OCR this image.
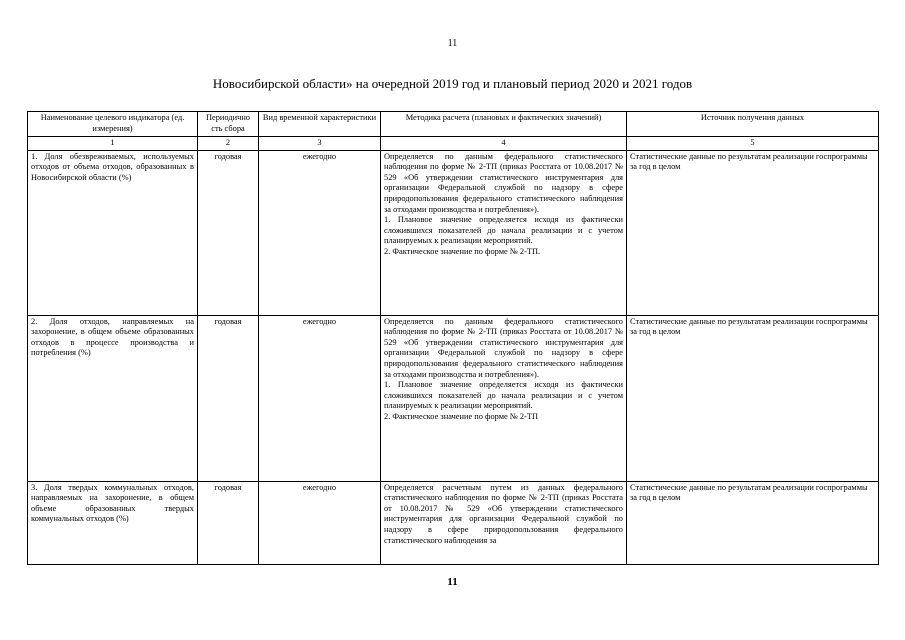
11
Новосибирской области» на очередной 2019 год и плановый период 2020 и 2021 годов
Наименование целевого индикатора (ед. измерения)	Периодично сть сбора	Вид временной характеристики	Методика расчета (плановых и фактических значений)	Источник получения данных
1	2	3	4	5
1. Доля обезвреживаемых, используемых отходов от объема отходов, образованных в Новосибирской области (%)	годовая	ежегодно	Определяется по данным федерального статистического наблюдения по форме № 2-ТП (приказ Росстата от 10.08.2017 № 529 «Об утверждении статистического инструментария для организации Федеральной службой по надзору в сфере природопользования федерального статистического наблюдения за отходами производства и потребления»).

1. Плановое значение определяется исходя из фактически сложившихся показателей до начала реализации и с учетом планируемых к реализации мероприятий.

2. Фактическое значение по форме № 2-ТП.	Статистические данные по результатам реализации госпрограммы за год в целом
2. Доля отходов, направляемых на захоронение, в общем объеме образованных отходов в процессе производства и потребления (%)	годовая	ежегодно	Определяется по данным федерального статистического наблюдения по форме № 2-ТП (приказ Росстата от 10.08.2017 № 529 «Об утверждении статистического инструментария для организации Федеральной службой по надзору в сфере природопользования федерального статистического наблюдения за отходами производства и потребления»).

1. Плановое значение определяется исходя из фактически сложившихся показателей до начала реализации и с учетом планируемых к реализации мероприятий.

2. Фактическое значение по форме № 2-ТП	Статистические данные по результатам реализации госпрограммы за год в целом
3. Доля твердых коммунальных отходов, направляемых на захоронение, в общем объеме образованных твердых коммунальных отходов (%)	годовая	ежегодно	Определяется расчетным путем из данных федерального статистического наблюдения по форме № 2-ТП (приказ Росстата от 10.08.2017 № 529 «Об утверждении статистического инструментария для организации Федеральной службой по надзору в сфере природопользования федерального статистического наблюдения за	Статистические данные по результатам реализации госпрограммы за год в целом
11
